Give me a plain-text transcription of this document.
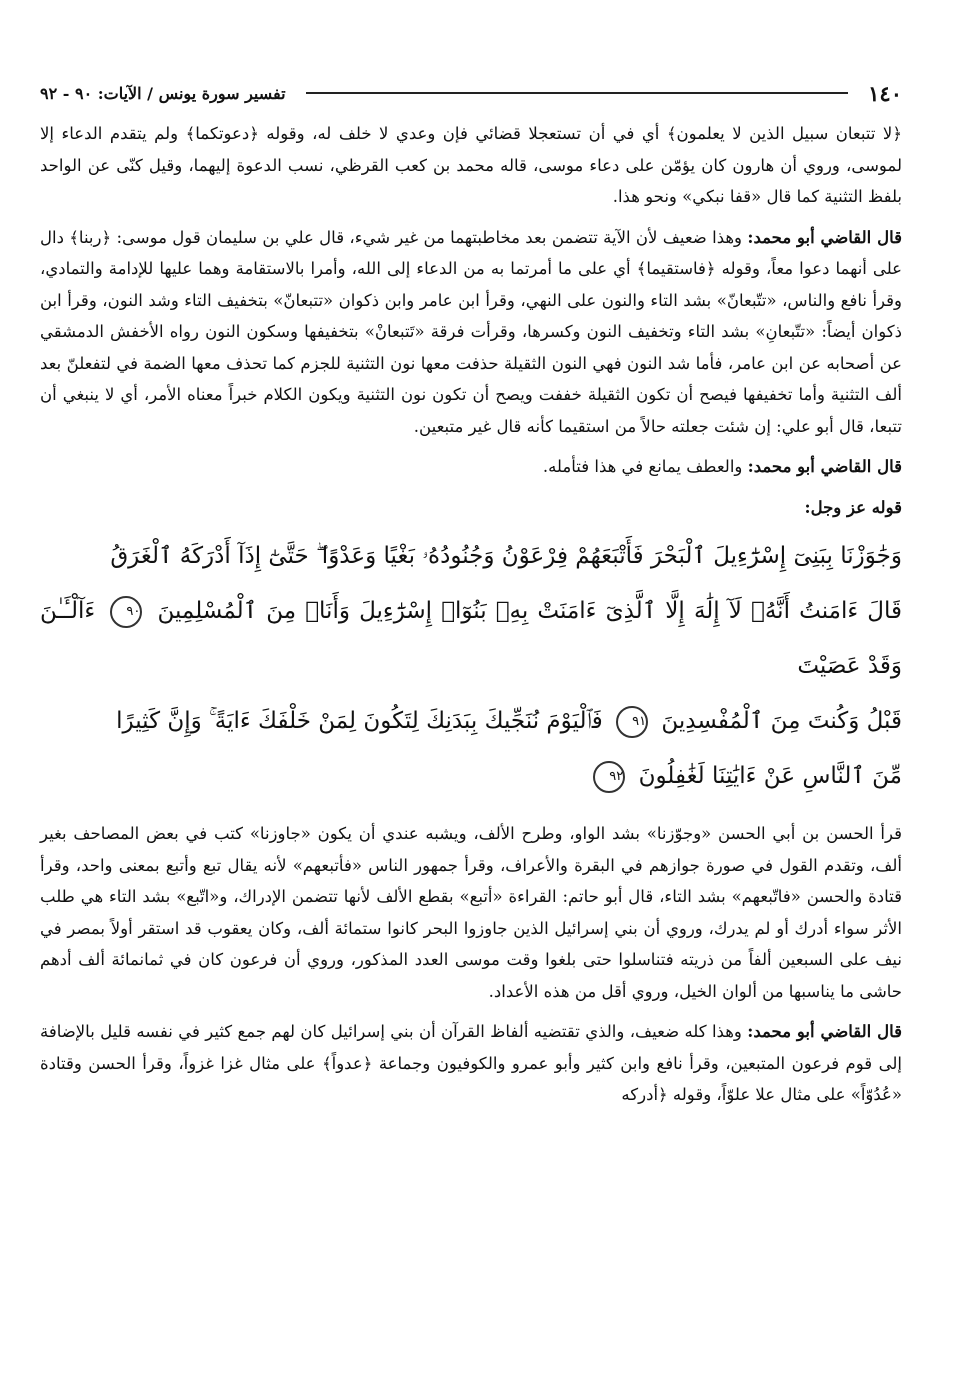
١٤٠
تفسير سورة يونس / الآيات: ٩٠ - ٩٢

﴿لا تتبعان سبيل الذين لا يعلمون﴾ أي في أن تستعجلا قضائي فإن وعدي لا خلف له، وقوله ﴿دعوتكما﴾ ولم يتقدم الدعاء إلا لموسى، وروي أن هارون كان يؤمّن على دعاء موسى، قاله محمد بن كعب القرظي، نسب الدعوة إليهما، وقيل كنّى عن الواحد بلفظ التثنية كما قال «قفا نبكي» ونحو هذا.

قال القاضي أبو محمد: وهذا ضعيف لأن الآية تتضمن بعد مخاطبتهما من غير شيء، قال علي بن سليمان قول موسى: ﴿ربنا﴾ دال على أنهما دعوا معاً، وقوله ﴿فاستقيما﴾ أي على ما أمرتما به من الدعاء إلى الله، وأمرا بالاستقامة وهما عليها للإدامة والتمادي، وقرأ نافع والناس، «تتّبعانّ» بشد التاء والنون على النهي، وقرأ ابن عامر وابن ذكوان «تتبعانّ» بتخفيف التاء وشد النون، وقرأ ابن ذكوان أيضاً: «تتّبعانِ» بشد التاء وتخفيف النون وكسرها، وقرأت فرقة «تَتبعانْ» بتخفيفها وسكون النون رواه الأخفش الدمشقي عن أصحابه عن ابن عامر، فأما شد النون فهي النون الثقيلة حذفت معها نون التثنية للجزم كما تحذف معها الضمة في لتفعلنّ بعد ألف التثنية وأما تخفيفها فيصح أن تكون الثقيلة خففت ويصح أن تكون نون التثنية ويكون الكلام خبراً معناه الأمر، أي لا ينبغي أن تتبعا، قال أبو علي: إن شئت جعلته حالاً من استقيما كأنه قال غير متبعين.

قال القاضي أبو محمد: والعطف يمانع في هذا فتأمله.

قوله عز وجل:
وَجَٰوَزْنَا بِبَنِىٓ إِسْرَٰٓءِيلَ ٱلْبَحْرَ فَأَتْبَعَهُمْ فِرْعَوْنُ وَجُنُودُهُۥ بَغْيًا وَعَدْوًا ۖ حَتَّىٰٓ إِذَآ أَدْرَكَهُ ٱلْغَرَقُ
قَالَ ءَامَنتُ أَنَّهُۥ لَآ إِلَٰهَ إِلَّا ٱلَّذِىٓ ءَامَنَتْ بِهِۦ بَنُوٓا۟ إِسْرَٰٓءِيلَ وَأَنَا۠ مِنَ ٱلْمُسْلِمِينَ ٩٠ ءَآلْـَٔـٰنَ وَقَدْ عَصَيْتَ
قَبْلُ وَكُنتَ مِنَ ٱلْمُفْسِدِينَ ٩١ فَٱلْيَوْمَ نُنَجِّيكَ بِبَدَنِكَ لِتَكُونَ لِمَنْ خَلْفَكَ ءَايَةً ۚ وَإِنَّ كَثِيرًا
مِّنَ ٱلنَّاسِ عَنْ ءَايَٰتِنَا لَغَٰفِلُونَ ٩٢

قرأ الحسن بن أبي الحسن «وجوّزنا» بشد الواو، وطرح الألف، ويشبه عندي أن يكون «جاوزنا» كتب في بعض المصاحف بغير ألف، وتقدم القول في صورة جوازهم في البقرة والأعراف، وقرأ جمهور الناس «فأتبعهم» لأنه يقال تبع وأتبع بمعنى واحد، وقرأ قتادة والحسن «فاتّبعهم» بشد التاء، قال أبو حاتم: القراءة «أتبع» بقطع الألف لأنها تتضمن الإدراك، و«اتّبع» بشد التاء هي طلب الأثر سواء أدرك أو لم يدرك، وروي أن بني إسرائيل الذين جاوزوا البحر كانوا ستمائة ألف، وكان يعقوب قد استقر أولاً بمصر في نيف على السبعين ألفاً من ذريته فتناسلوا حتى بلغوا وقت موسى العدد المذكور، وروي أن فرعون كان في ثمانمائة ألف أدهم حاشى ما يناسبها من ألوان الخيل، وروي أقل من هذه الأعداد.

قال القاضي أبو محمد: وهذا كله ضعيف، والذي تقتضيه ألفاظ القرآن أن بني إسرائيل كان لهم جمع كثير في نفسه قليل بالإضافة إلى قوم فرعون المتبعين، وقرأ نافع وابن كثير وأبو عمرو والكوفيون وجماعة ﴿عدواً﴾ على مثال غزا غزواً، وقرأ الحسن وقتادة «عُدُوّاً» على مثال علا علوّاً، وقوله ﴿أدركه
